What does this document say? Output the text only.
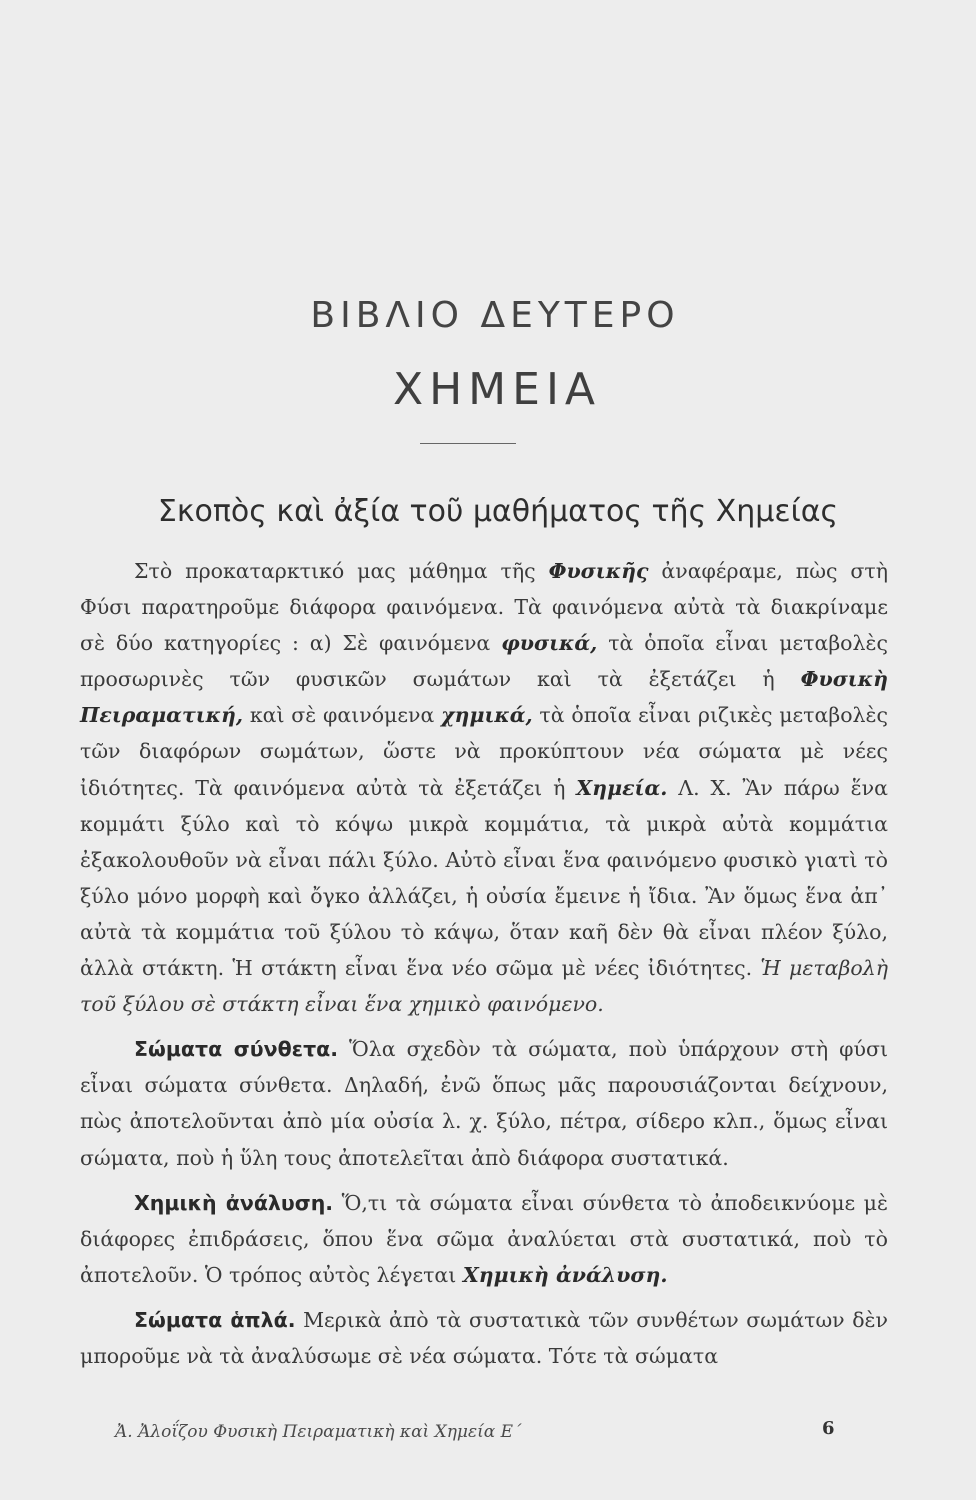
ΒΙΒΛΙΟ ΔΕΥΤΕΡΟ
ΧΗΜΕΙΑ
Σκοπὸς καὶ ἀξία τοῦ μαθήματος τῆς Χημείας

Στὸ προκαταρκτικό μας μάθημα τῆς Φυσικῆς ἀναφέραμε, πὼς στὴ Φύσι παρατηροῦμε διάφορα φαινόμενα. Τὰ φαινόμενα αὐτὰ τὰ διακρίναμε σὲ δύο κατηγορίες : α) Σὲ φαινόμενα φυσικά, τὰ ὁποῖα εἶναι μεταβολὲς προσωρινὲς τῶν φυσικῶν σωμάτων καὶ τὰ ἐξετάζει ἡ Φυσικὴ Πειραματική, καὶ σὲ φαινόμενα χημικά, τὰ ὁποῖα εἶναι ριζικὲς μεταβολὲς τῶν διαφόρων σωμάτων, ὥστε νὰ προκύπτουν νέα σώματα μὲ νέες ἰδιότητες. Τὰ φαινόμενα αὐτὰ τὰ ἐξετάζει ἡ Χημεία. Λ. Χ. Ἂν πάρω ἕνα κομμάτι ξύλο καὶ τὸ κόψω μικρὰ κομμάτια, τὰ μικρὰ αὐτὰ κομμάτια ἐξακολουθοῦν νὰ εἶναι πάλι ξύλο. Αὐτὸ εἶναι ἕνα φαινόμενο φυσικὸ γιατὶ τὸ ξύλο μόνο μορφὴ καὶ ὄγκο ἀλλάζει, ἡ οὐσία ἔμεινε ἡ ἴδια. Ἂν ὅμως ἕνα ἀπ᾽ αὐτὰ τὰ κομμάτια τοῦ ξύλου τὸ κάψω, ὅταν καῆ δὲν θὰ εἶναι πλέον ξύλο, ἀλλὰ στάκτη. Ἡ στάκτη εἶναι ἕνα νέο σῶμα μὲ νέες ἰδιότητες. Ἡ μεταβολὴ τοῦ ξύλου σὲ στάκτη εἶναι ἕνα χημικὸ φαινόμενο.

Σώματα σύνθετα. Ὅλα σχεδὸν τὰ σώματα, ποὺ ὑπάρχουν στὴ φύσι εἶναι σώματα σύνθετα. Δηλαδή, ἐνῶ ὅπως μᾶς παρουσιάζονται δείχνουν, πὼς ἀποτελοῦνται ἀπὸ μία οὐσία λ. χ. ξύλο, πέτρα, σίδερο κλπ., ὅμως εἶναι σώματα, ποὺ ἡ ὕλη τους ἀποτελεῖται ἀπὸ διάφορα συστατικά.

Χημικὴ ἀνάλυση. Ὅ,τι τὰ σώματα εἶναι σύνθετα τὸ ἀποδεικνύομε μὲ διάφορες ἐπιδράσεις, ὅπου ἕνα σῶμα ἀναλύεται στὰ συστατικά, ποὺ τὸ ἀποτελοῦν. Ὁ τρόπος αὐτὸς λέγεται Χημικὴ ἀνάλυση.

Σώματα ἁπλά. Μερικὰ ἀπὸ τὰ συστατικὰ τῶν συνθέτων σωμάτων δὲν μποροῦμε νὰ τὰ ἀναλύσωμε σὲ νέα σώματα. Τότε τὰ σώματα

Ἀ. Ἀλοΐζου Φυσικὴ Πειραματικὴ καὶ Χημεία Ε΄	6
